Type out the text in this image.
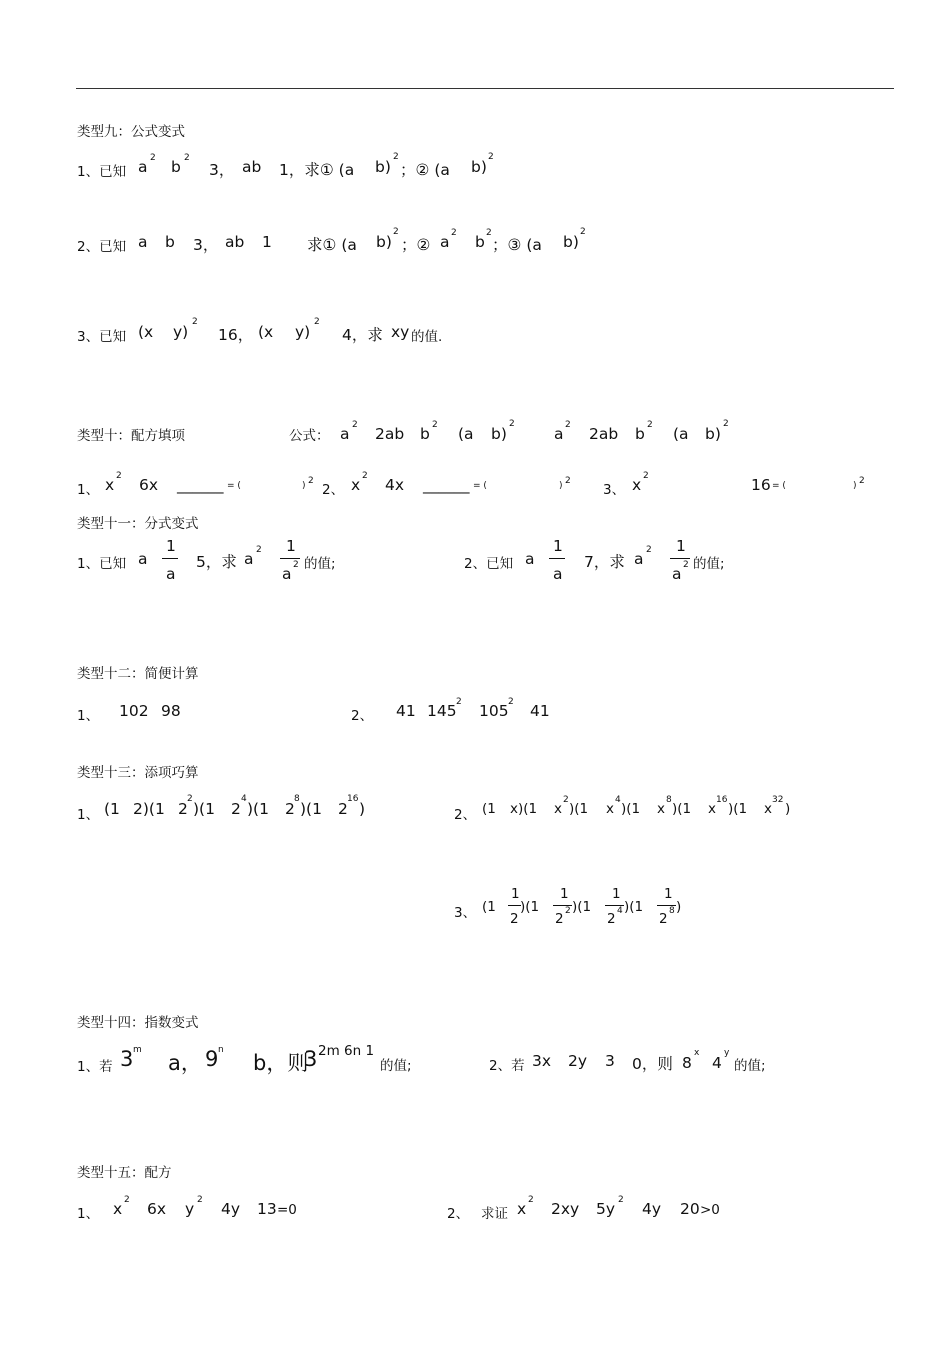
类型九：公式变式
1、已知 a 2 b 2
3， ab 1，求① (a b)
2
；② (a b)
2
2、已知 a b 3， ab 1 求① (a b)
2
；② a 2 b 2
；③ (a b)
2
3、已知 (x y)
2
16， (x y)
2
4，求 xy 的值.
类型十：配方填项	公式： a 2 2ab b 2 (a b)
2
a 2 2ab b 2 (a b)
2
1、 x 2 6x ______ = (	) 2
2、 x 2 4x ______ = (	) 2
3、 x 2	16 = (	) 2
类型十一：分式变式
1、已知 a
1
a
5，求 a 2 1
a 2 的值;	2、已知 a
1
a
7，求 a 2 1
a 2 的值;
类型十二：简便计算
1、 102 98	2、 41 145 2 105 2 41
类型十三：添项巧算
1、 (1 2)(1 2
2
)(1 2
4
)(1 2
8
)(1 2
16
)	2、 (1 x)(1 x
2
)(1 x
4
)(1 x
8
)(1 x
16
)(1 x
32
)
3、 (1
1
2
)(1
1
2 2 )(1
1
2 4 )(1
1
2 8 )
类型十四：指数变式
1、若 3 m
a， 9 n
b，则
3 2m 6n 1
的值;	2、若 3x 2y 3 0，则 8
x
4
y
的值;
类型十五：配方
1、 x 2 6x y 2 4y 13 =0	2、 求证 x 2 2xy 5y 2 4y 20 >0
